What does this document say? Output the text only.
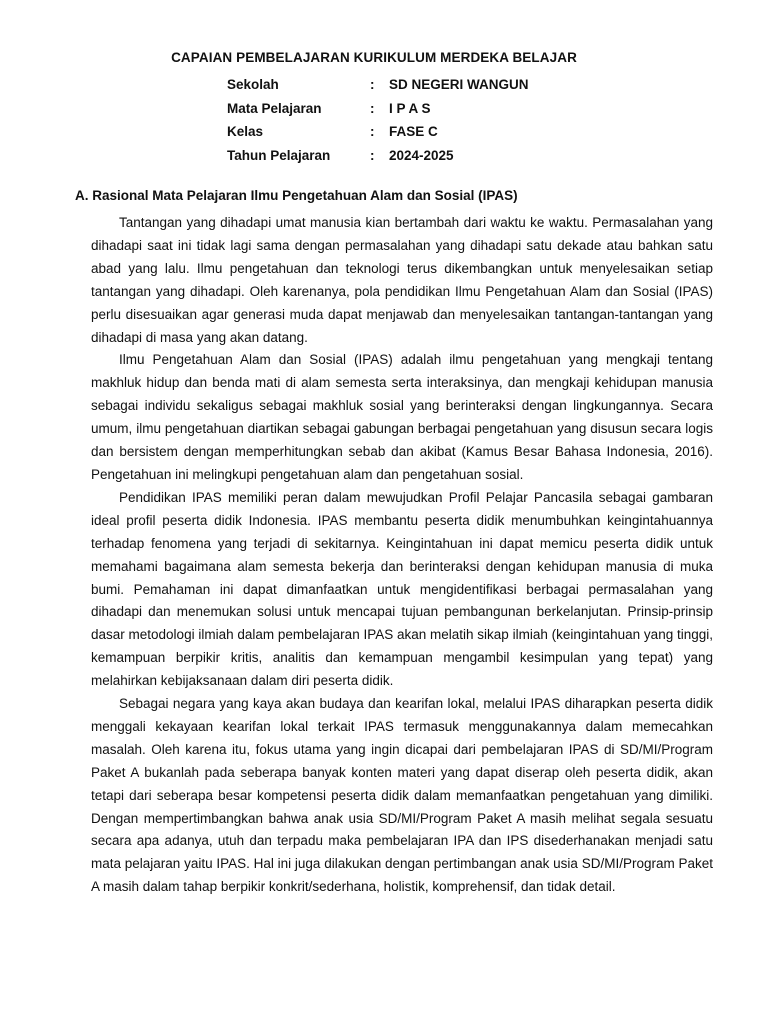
CAPAIAN PEMBELAJARAN KURIKULUM MERDEKA BELAJAR
Sekolah	:	SD NEGERI WANGUN
Mata Pelajaran	:	I P A S
Kelas	:	FASE C
Tahun Pelajaran	:	2024-2025
A. Rasional Mata Pelajaran Ilmu Pengetahuan Alam dan Sosial (IPAS)

Tantangan yang dihadapi umat manusia kian bertambah dari waktu ke waktu. Permasalahan yang dihadapi saat ini tidak lagi sama dengan permasalahan yang dihadapi satu dekade atau bahkan satu abad yang lalu. Ilmu pengetahuan dan teknologi terus dikembangkan untuk menyelesaikan setiap tantangan yang dihadapi. Oleh karenanya, pola pendidikan Ilmu Pengetahuan Alam dan Sosial (IPAS) perlu disesuaikan agar generasi muda dapat menjawab dan menyelesaikan tantangan-tantangan yang dihadapi di masa yang akan datang.

Ilmu Pengetahuan Alam dan Sosial (IPAS) adalah ilmu pengetahuan yang mengkaji tentang makhluk hidup dan benda mati di alam semesta serta interaksinya, dan mengkaji kehidupan manusia sebagai individu sekaligus sebagai makhluk sosial yang berinteraksi dengan lingkungannya. Secara umum, ilmu pengetahuan diartikan sebagai gabungan berbagai pengetahuan yang disusun secara logis dan bersistem dengan memperhitungkan sebab dan akibat (Kamus Besar Bahasa Indonesia, 2016). Pengetahuan ini melingkupi pengetahuan alam dan pengetahuan sosial.

Pendidikan IPAS memiliki peran dalam mewujudkan Profil Pelajar Pancasila sebagai gambaran ideal profil peserta didik Indonesia. IPAS membantu peserta didik menumbuhkan keingintahuannya terhadap fenomena yang terjadi di sekitarnya. Keingintahuan ini dapat memicu peserta didik untuk memahami bagaimana alam semesta bekerja dan berinteraksi dengan kehidupan manusia di muka bumi. Pemahaman ini dapat dimanfaatkan untuk mengidentifikasi berbagai permasalahan yang dihadapi dan menemukan solusi untuk mencapai tujuan pembangunan berkelanjutan. Prinsip-prinsip dasar metodologi ilmiah dalam pembelajaran IPAS akan melatih sikap ilmiah (keingintahuan yang tinggi, kemampuan berpikir kritis, analitis dan kemampuan mengambil kesimpulan yang tepat) yang melahirkan kebijaksanaan dalam diri peserta didik.

Sebagai negara yang kaya akan budaya dan kearifan lokal, melalui IPAS diharapkan peserta didik menggali kekayaan kearifan lokal terkait IPAS termasuk menggunakannya dalam memecahkan masalah. Oleh karena itu, fokus utama yang ingin dicapai dari pembelajaran IPAS di SD/MI/Program Paket A bukanlah pada seberapa banyak konten materi yang dapat diserap oleh peserta didik, akan tetapi dari seberapa besar kompetensi peserta didik dalam memanfaatkan pengetahuan yang dimiliki. Dengan mempertimbangkan bahwa anak usia SD/MI/Program Paket A masih melihat segala sesuatu secara apa adanya, utuh dan terpadu maka pembelajaran IPA dan IPS disederhanakan menjadi satu mata pelajaran yaitu IPAS. Hal ini juga dilakukan dengan pertimbangan anak usia SD/MI/Program Paket A masih dalam tahap berpikir konkrit/sederhana, holistik, komprehensif, dan tidak detail.
